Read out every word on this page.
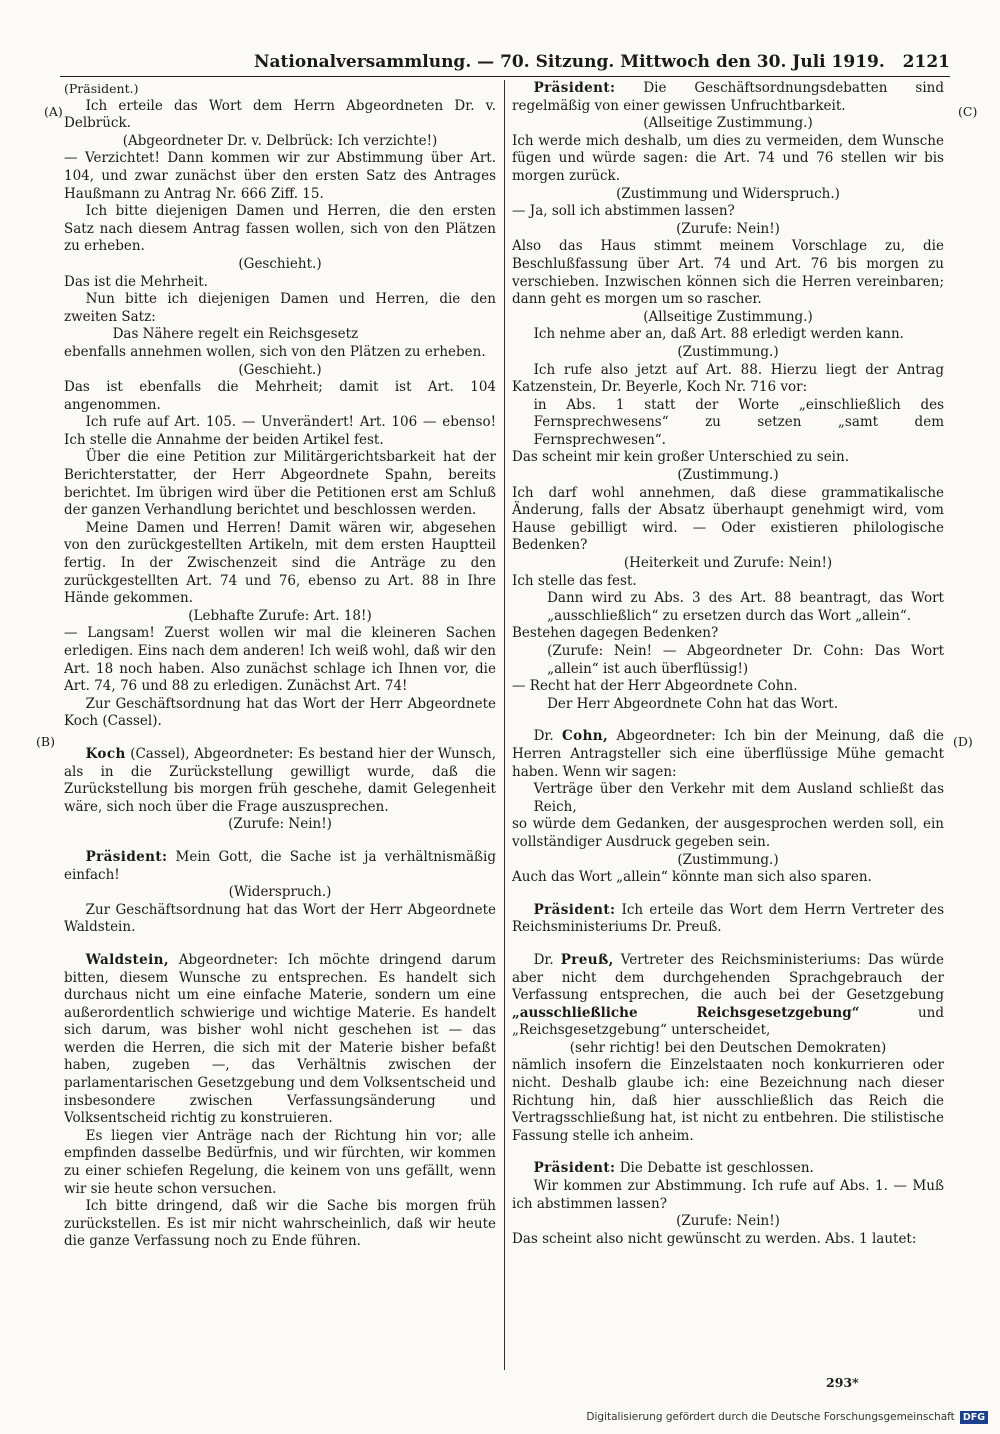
Nationalversammlung. — 70. Sitzung. Mittwoch den 30. Juli 1919. 2121
(A)
(B)
(C)
(D)

(Präsident.)

Ich erteile das Wort dem Herrn Abgeordneten Dr. v. Delbrück.

(Abgeordneter Dr. v. Delbrück: Ich verzichte!)

— Verzichtet! Dann kommen wir zur Abstimmung über Art. 104, und zwar zunächst über den ersten Satz des Antrages Haußmann zu Antrag Nr. 666 Ziff. 15.

Ich bitte diejenigen Damen und Herren, die den ersten Satz nach diesem Antrag fassen wollen, sich von den Plätzen zu erheben.

(Geschieht.)

Das ist die Mehrheit.

Nun bitte ich diejenigen Damen und Herren, die den zweiten Satz:

Das Nähere regelt ein Reichsgesetz

ebenfalls annehmen wollen, sich von den Plätzen zu erheben.

(Geschieht.)

Das ist ebenfalls die Mehrheit; damit ist Art. 104 angenommen.

Ich rufe auf Art. 105. — Unverändert! Art. 106 — ebenso! Ich stelle die Annahme der beiden Artikel fest.

Über die eine Petition zur Militärgerichtsbarkeit hat der Berichterstatter, der Herr Abgeordnete Spahn, bereits berichtet. Im übrigen wird über die Petitionen erst am Schluß der ganzen Verhandlung berichtet und beschlossen werden.

Meine Damen und Herren! Damit wären wir, abgesehen von den zurückgestellten Artikeln, mit dem ersten Hauptteil fertig. In der Zwischenzeit sind die Anträge zu den zurückgestellten Art. 74 und 76, ebenso zu Art. 88 in Ihre Hände gekommen.

(Lebhafte Zurufe: Art. 18!)

— Langsam! Zuerst wollen wir mal die kleineren Sachen erledigen. Eins nach dem anderen! Ich weiß wohl, daß wir den Art. 18 noch haben. Also zunächst schlage ich Ihnen vor, die Art. 74, 76 und 88 zu erledigen. Zunächst Art. 74!

Zur Geschäftsordnung hat das Wort der Herr Abgeordnete Koch (Cassel).

Koch (Cassel), Abgeordneter: Es bestand hier der Wunsch, als in die Zurückstellung gewilligt wurde, daß die Zurückstellung bis morgen früh geschehe, damit Gelegenheit wäre, sich noch über die Frage auszusprechen.

(Zurufe: Nein!)

Präsident: Mein Gott, die Sache ist ja verhältnismäßig einfach!

(Widerspruch.)

Zur Geschäftsordnung hat das Wort der Herr Abgeordnete Waldstein.

Waldstein, Abgeordneter: Ich möchte dringend darum bitten, diesem Wunsche zu entsprechen. Es handelt sich durchaus nicht um eine einfache Materie, sondern um eine außerordentlich schwierige und wichtige Materie. Es handelt sich darum, was bisher wohl nicht geschehen ist — das werden die Herren, die sich mit der Materie bisher befaßt haben, zugeben —, das Verhältnis zwischen der parlamentarischen Gesetzgebung und dem Volksentscheid und insbesondere zwischen Verfassungsänderung und Volksentscheid richtig zu konstruieren.

Es liegen vier Anträge nach der Richtung hin vor; alle empfinden dasselbe Bedürfnis, und wir fürchten, wir kommen zu einer schiefen Regelung, die keinem von uns gefällt, wenn wir sie heute schon versuchen.

Ich bitte dringend, daß wir die Sache bis morgen früh zurückstellen. Es ist mir nicht wahrscheinlich, daß wir heute die ganze Verfassung noch zu Ende führen.

Präsident: Die Geschäftsordnungsdebatten sind regelmäßig von einer gewissen Unfruchtbarkeit.

(Allseitige Zustimmung.)

Ich werde mich deshalb, um dies zu vermeiden, dem Wunsche fügen und würde sagen: die Art. 74 und 76 stellen wir bis morgen zurück.

(Zustimmung und Widerspruch.)

— Ja, soll ich abstimmen lassen?

(Zurufe: Nein!)

Also das Haus stimmt meinem Vorschlage zu, die Beschlußfassung über Art. 74 und Art. 76 bis morgen zu verschieben. Inzwischen können sich die Herren vereinbaren; dann geht es morgen um so rascher.

(Allseitige Zustimmung.)

Ich nehme aber an, daß Art. 88 erledigt werden kann.

(Zustimmung.)

Ich rufe also jetzt auf Art. 88. Hierzu liegt der Antrag Katzenstein, Dr. Beyerle, Koch Nr. 716 vor:

in Abs. 1 statt der Worte „einschließlich des Fernsprechwesens“ zu setzen „samt dem Fernsprechwesen“.

Das scheint mir kein großer Unterschied zu sein.

(Zustimmung.)

Ich darf wohl annehmen, daß diese grammatikalische Änderung, falls der Absatz überhaupt genehmigt wird, vom Hause gebilligt wird. — Oder existieren philologische Bedenken?

(Heiterkeit und Zurufe: Nein!)

Ich stelle das fest.

Dann wird zu Abs. 3 des Art. 88 beantragt, das Wort „ausschließlich“ zu ersetzen durch das Wort „allein“.

Bestehen dagegen Bedenken?

(Zurufe: Nein! — Abgeordneter Dr. Cohn: Das Wort „allein“ ist auch überflüssig!)

— Recht hat der Herr Abgeordnete Cohn.

Der Herr Abgeordnete Cohn hat das Wort.

Dr. Cohn, Abgeordneter: Ich bin der Meinung, daß die Herren Antragsteller sich eine überflüssige Mühe gemacht haben. Wenn wir sagen:

Verträge über den Verkehr mit dem Ausland schließt das Reich,

so würde dem Gedanken, der ausgesprochen werden soll, ein vollständiger Ausdruck gegeben sein.

(Zustimmung.)

Auch das Wort „allein“ könnte man sich also sparen.

Präsident: Ich erteile das Wort dem Herrn Vertreter des Reichsministeriums Dr. Preuß.

Dr. Preuß, Vertreter des Reichsministeriums: Das würde aber nicht dem durchgehenden Sprachgebrauch der Verfassung entsprechen, die auch bei der Gesetzgebung „ausschließliche Reichsgesetzgebung“ und „Reichsgesetzgebung“ unterscheidet,

(sehr richtig! bei den Deutschen Demokraten)

nämlich insofern die Einzelstaaten noch konkurrieren oder nicht. Deshalb glaube ich: eine Bezeichnung nach dieser Richtung hin, daß hier ausschließlich das Reich die Vertragsschließung hat, ist nicht zu entbehren. Die stilistische Fassung stelle ich anheim.

Präsident: Die Debatte ist geschlossen.

Wir kommen zur Abstimmung. Ich rufe auf Abs. 1. — Muß ich abstimmen lassen?

(Zurufe: Nein!)

Das scheint also nicht gewünscht zu werden. Abs. 1 lautet:

293*
Digitalisierung gefördert durch die Deutsche Forschungsgemeinschaft DFG
